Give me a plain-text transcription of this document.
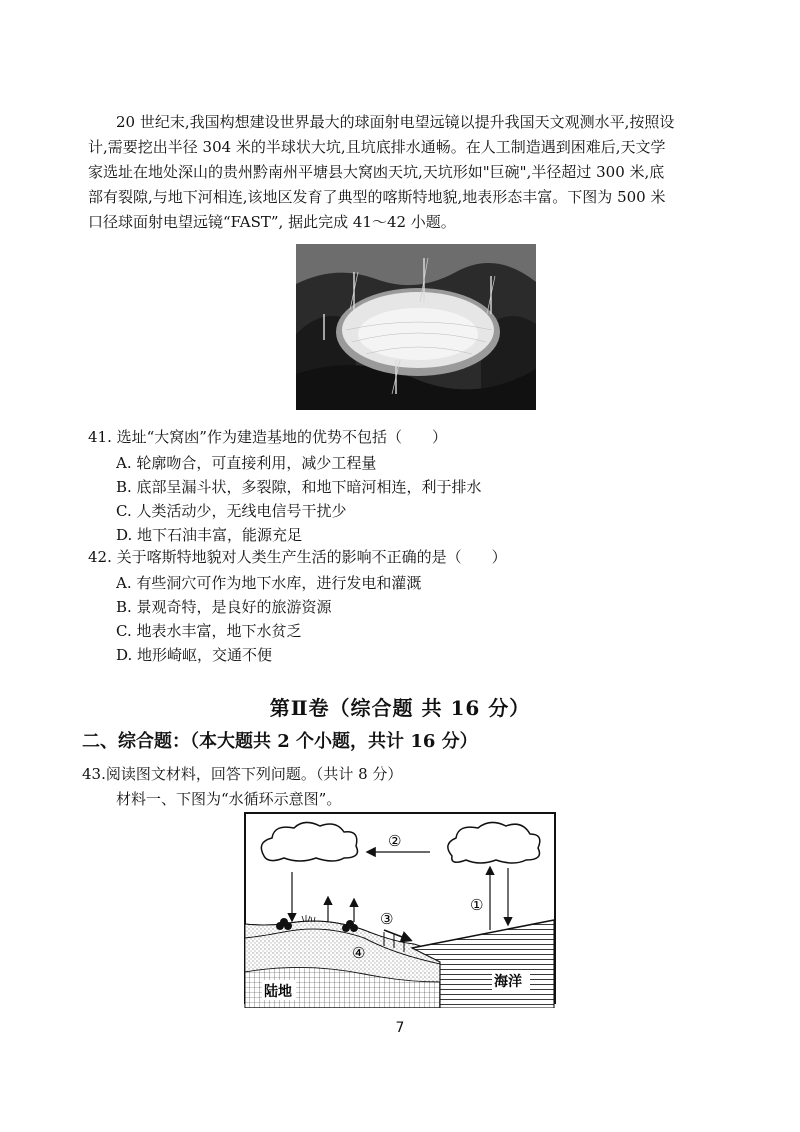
20 世纪末,我国构想建设世界最大的球面射电望远镜以提升我国天文观测水平,按照设

计,需要挖出半径 304 米的半球状大坑,且坑底排水通畅。在人工制造遇到困难后,天文学

家选址在地处深山的贵州黔南州平塘县大窝凼天坑,天坑形如"巨碗",半径超过 300 米,底

部有裂隙,与地下河相连,该地区发育了典型的喀斯特地貌,地表形态丰富。下图为 500 米

口径球面射电望远镜“FAST”, 据此完成 41～42 小题。

41. 选址“大窝凼”作为建造基地的优势不包括（　　）
A. 轮廓吻合，可直接利用，减少工程量
B. 底部呈漏斗状，多裂隙，和地下暗河相连，利于排水
C. 人类活动少，无线电信号干扰少
D. 地下石油丰富，能源充足
42. 关于喀斯特地貌对人类生产生活的影响不正确的是（　　）
A. 有些洞穴可作为地下水库，进行发电和灌溉
B. 景观奇特，是良好的旅游资源
C. 地表水丰富，地下水贫乏
D. 地形崎岖，交通不便
第Ⅱ卷（综合题 共 16 分）
二、综合题：（本大题共 2 个小题，共计 16 分）
43.阅读图文材料，回答下列问题。（共计 8 分）
材料一、下图为“水循环示意图”。
②
①
③
④
陆地
海洋
7
